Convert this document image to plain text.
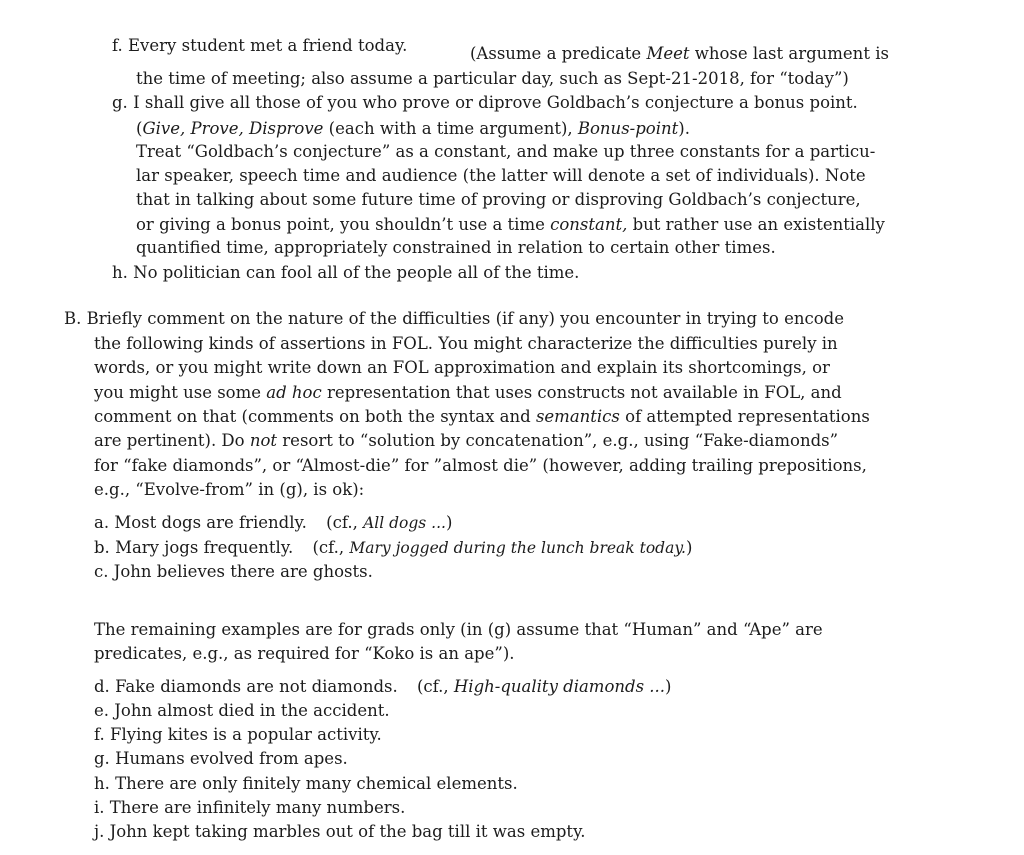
f. Every student met a friend today.	(Assume a predicate Meet whose last argument is
the time of meeting; also assume a particular day, such as Sept-21-2018, for “today”)
g. I shall give all those of you who prove or diprove Goldbach’s conjecture a bonus point.
(Give, Prove, Disprove (each with a time argument), Bonus-point).
Treat “Goldbach’s conjecture” as a constant, and make up three constants for a particu-
lar speaker, speech time and audience (the latter will denote a set of individuals). Note
that in talking about some future time of proving or disproving Goldbach’s conjecture,
or giving a bonus point, you shouldn’t use a time constant, but rather use an existentially
quantified time, appropriately constrained in relation to certain other times.
h. No politician can fool all of the people all of the time.
B. Briefly comment on the nature of the difficulties (if any) you encounter in trying to encode
the following kinds of assertions in FOL. You might characterize the difficulties purely in
words, or you might write down an FOL approximation and explain its shortcomings, or
you might use some ad hoc representation that uses constructs not available in FOL, and
comment on that (comments on both the syntax and semantics of attempted representations
are pertinent). Do not resort to “solution by concatenation”, e.g., using “Fake-diamonds”
for “fake diamonds”, or “Almost-die” for ”almost die” (however, adding trailing prepositions,
e.g., “Evolve-from” in (g), is ok):
a. Most dogs are friendly. (cf., All dogs ...)
b. Mary jogs frequently. (cf., Mary jogged during the lunch break today.)
c. John believes there are ghosts.
The remaining examples are for grads only (in (g) assume that “Human” and “Ape” are
predicates, e.g., as required for “Koko is an ape”).
d. Fake diamonds are not diamonds. (cf., High-quality diamonds ...)
e. John almost died in the accident.
f. Flying kites is a popular activity.
g. Humans evolved from apes.
h. There are only finitely many chemical elements.
i. There are infinitely many numbers.
j. John kept taking marbles out of the bag till it was empty.
